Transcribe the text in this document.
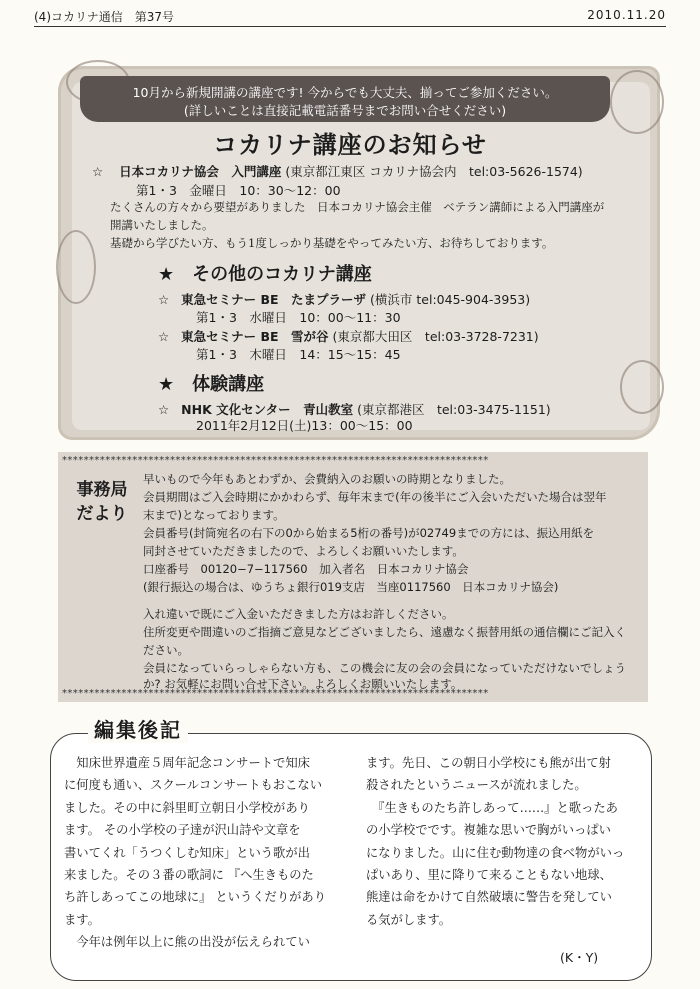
(4)コカリナ通信　第37号	2010.11.20
10月から新規開講の講座です! 今からでも大丈夫、揃ってご参加ください。
(詳しいことは直接記載電話番号までお問い合せください)
コカリナ講座のお知らせ
☆ 日本コカリナ協会　入門講座 (東京都江東区 コカリナ協会内　tel:03-5626-1574)
第1・3　金曜日　10：30〜12：00
たくさんの方々から要望がありました　日本コカリナ協会主催　ベテラン講師による入門講座が
開講いたしました。
基礎から学びたい方、もう1度しっかり基礎をやってみたい方、お待ちしております。
★　その他のコカリナ講座
☆ 東急セミナー BE　たまプラーザ (横浜市 tel:045-904-3953)
第1・3　水曜日　10：00〜11：30
☆ 東急セミナー BE　雪が谷 (東京都大田区　tel:03-3728-7231)
第1・3　木曜日　14：15〜15：45
★　体験講座
☆ NHK 文化センター　青山教室 (東京都港区　tel:03-3475-1151)
2011年2月12日(土)13：00〜15：00
*******************************************************************************
*******************************************************************************
事務局
だより
早いもので今年もあとわずか、会費納入のお願いの時期となりました。
会員期間はご入会時期にかかわらず、毎年末まで(年の後半にご入会いただいた場合は翌年
末まで)となっております。
会員番号(封筒宛名の右下の0から始まる5桁の番号)が02749までの方には、振込用紙を
同封させていただきましたので、よろしくお願いいたします。
口座番号　00120−7−117560　加入者名　日本コカリナ協会
(銀行振込の場合は、ゆうちょ銀行019支店　当座0117560　日本コカリナ協会)
入れ違いで既にご入金いただきました方はお許しください。
住所変更や間違いのご指摘ご意見などございましたら、遠慮なく振替用紙の通信欄にご記入く
ださい。
会員になっていらっしゃらない方も、この機会に友の会の会員になっていただけないでしょう
か? お気軽にお問い合せ下さい。よろしくお願いいたします。
編集後記
　知床世界遺産５周年記念コンサートで知床
に何度も通い、スクールコンサートもおこない
ました。その中に斜里町立朝日小学校があり
ます。 その小学校の子達が沢山詩や文章を
書いてくれ「うつくしむ知床」という歌が出
来ました。その３番の歌詞に 『へ生きものた
ち許しあってこの地球に』 というくだりがあり
ます。
　今年は例年以上に熊の出没が伝えられてい
ます。先日、この朝日小学校にも熊が出て射
殺されたというニュースが流れました。
　『生きものたち許しあって……』と歌ったあ
の小学校でです。複雑な思いで胸がいっぱい
になりました。山に住む動物達の食べ物がいっ
ぱいあり、里に降りて来ることもない地球、
熊達は命をかけて自然破壊に警告を発してい
る気がします。
(K・Y)
